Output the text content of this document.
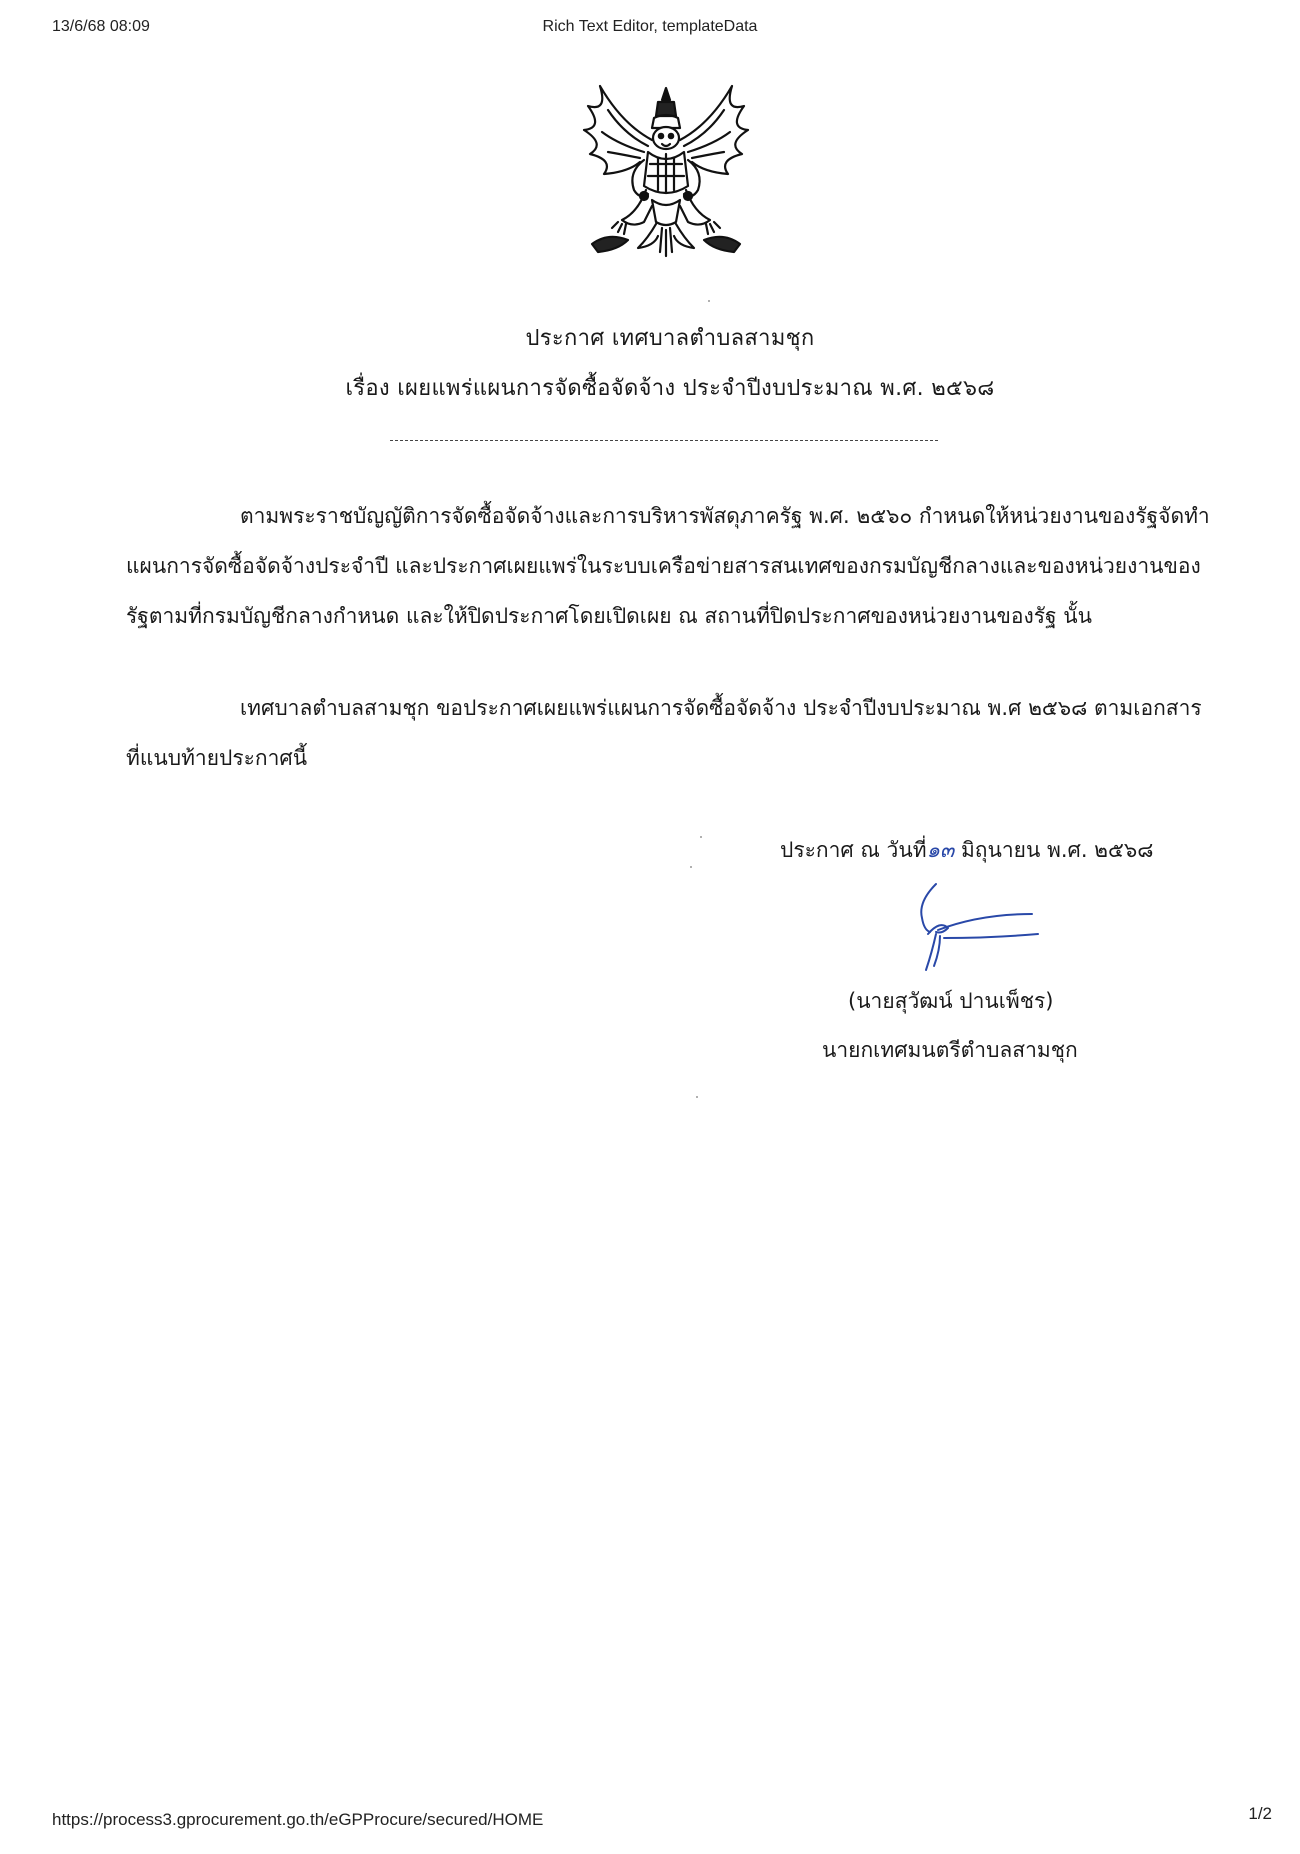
13/6/68 08:09	Rich Text Editor, templateData
ประกาศ เทศบาลตำบลสามชุก
เรื่อง เผยแพร่แผนการจัดซื้อจัดจ้าง ประจำปีงบประมาณ พ.ศ. ๒๕๖๘
ตามพระราชบัญญัติการจัดซื้อจัดจ้างและการบริหารพัสดุภาครัฐ พ.ศ. ๒๕๖๐ กำหนดให้หน่วยงานของรัฐจัดทำแผนการจัดซื้อจัดจ้างประจำปี และประกาศเผยแพร่ในระบบเครือข่ายสารสนเทศของกรมบัญชีกลางและของหน่วยงานของรัฐตามที่กรมบัญชีกลางกำหนด และให้ปิดประกาศโดยเปิดเผย ณ สถานที่ปิดประกาศของหน่วยงานของรัฐ นั้น
เทศบาลตำบลสามชุก ขอประกาศเผยแพร่แผนการจัดซื้อจัดจ้าง ประจำปีงบประมาณ พ.ศ ๒๕๖๘ ตามเอกสารที่แนบท้ายประกาศนี้
ประกาศ ณ วันที่๑๓ มิถุนายน พ.ศ. ๒๕๖๘
(นายสุวัฒน์ ปานเพ็ชร)
นายกเทศมนตรีตำบลสามชุก
https://process3.gprocurement.go.th/eGPProcure/secured/HOME	1/2
